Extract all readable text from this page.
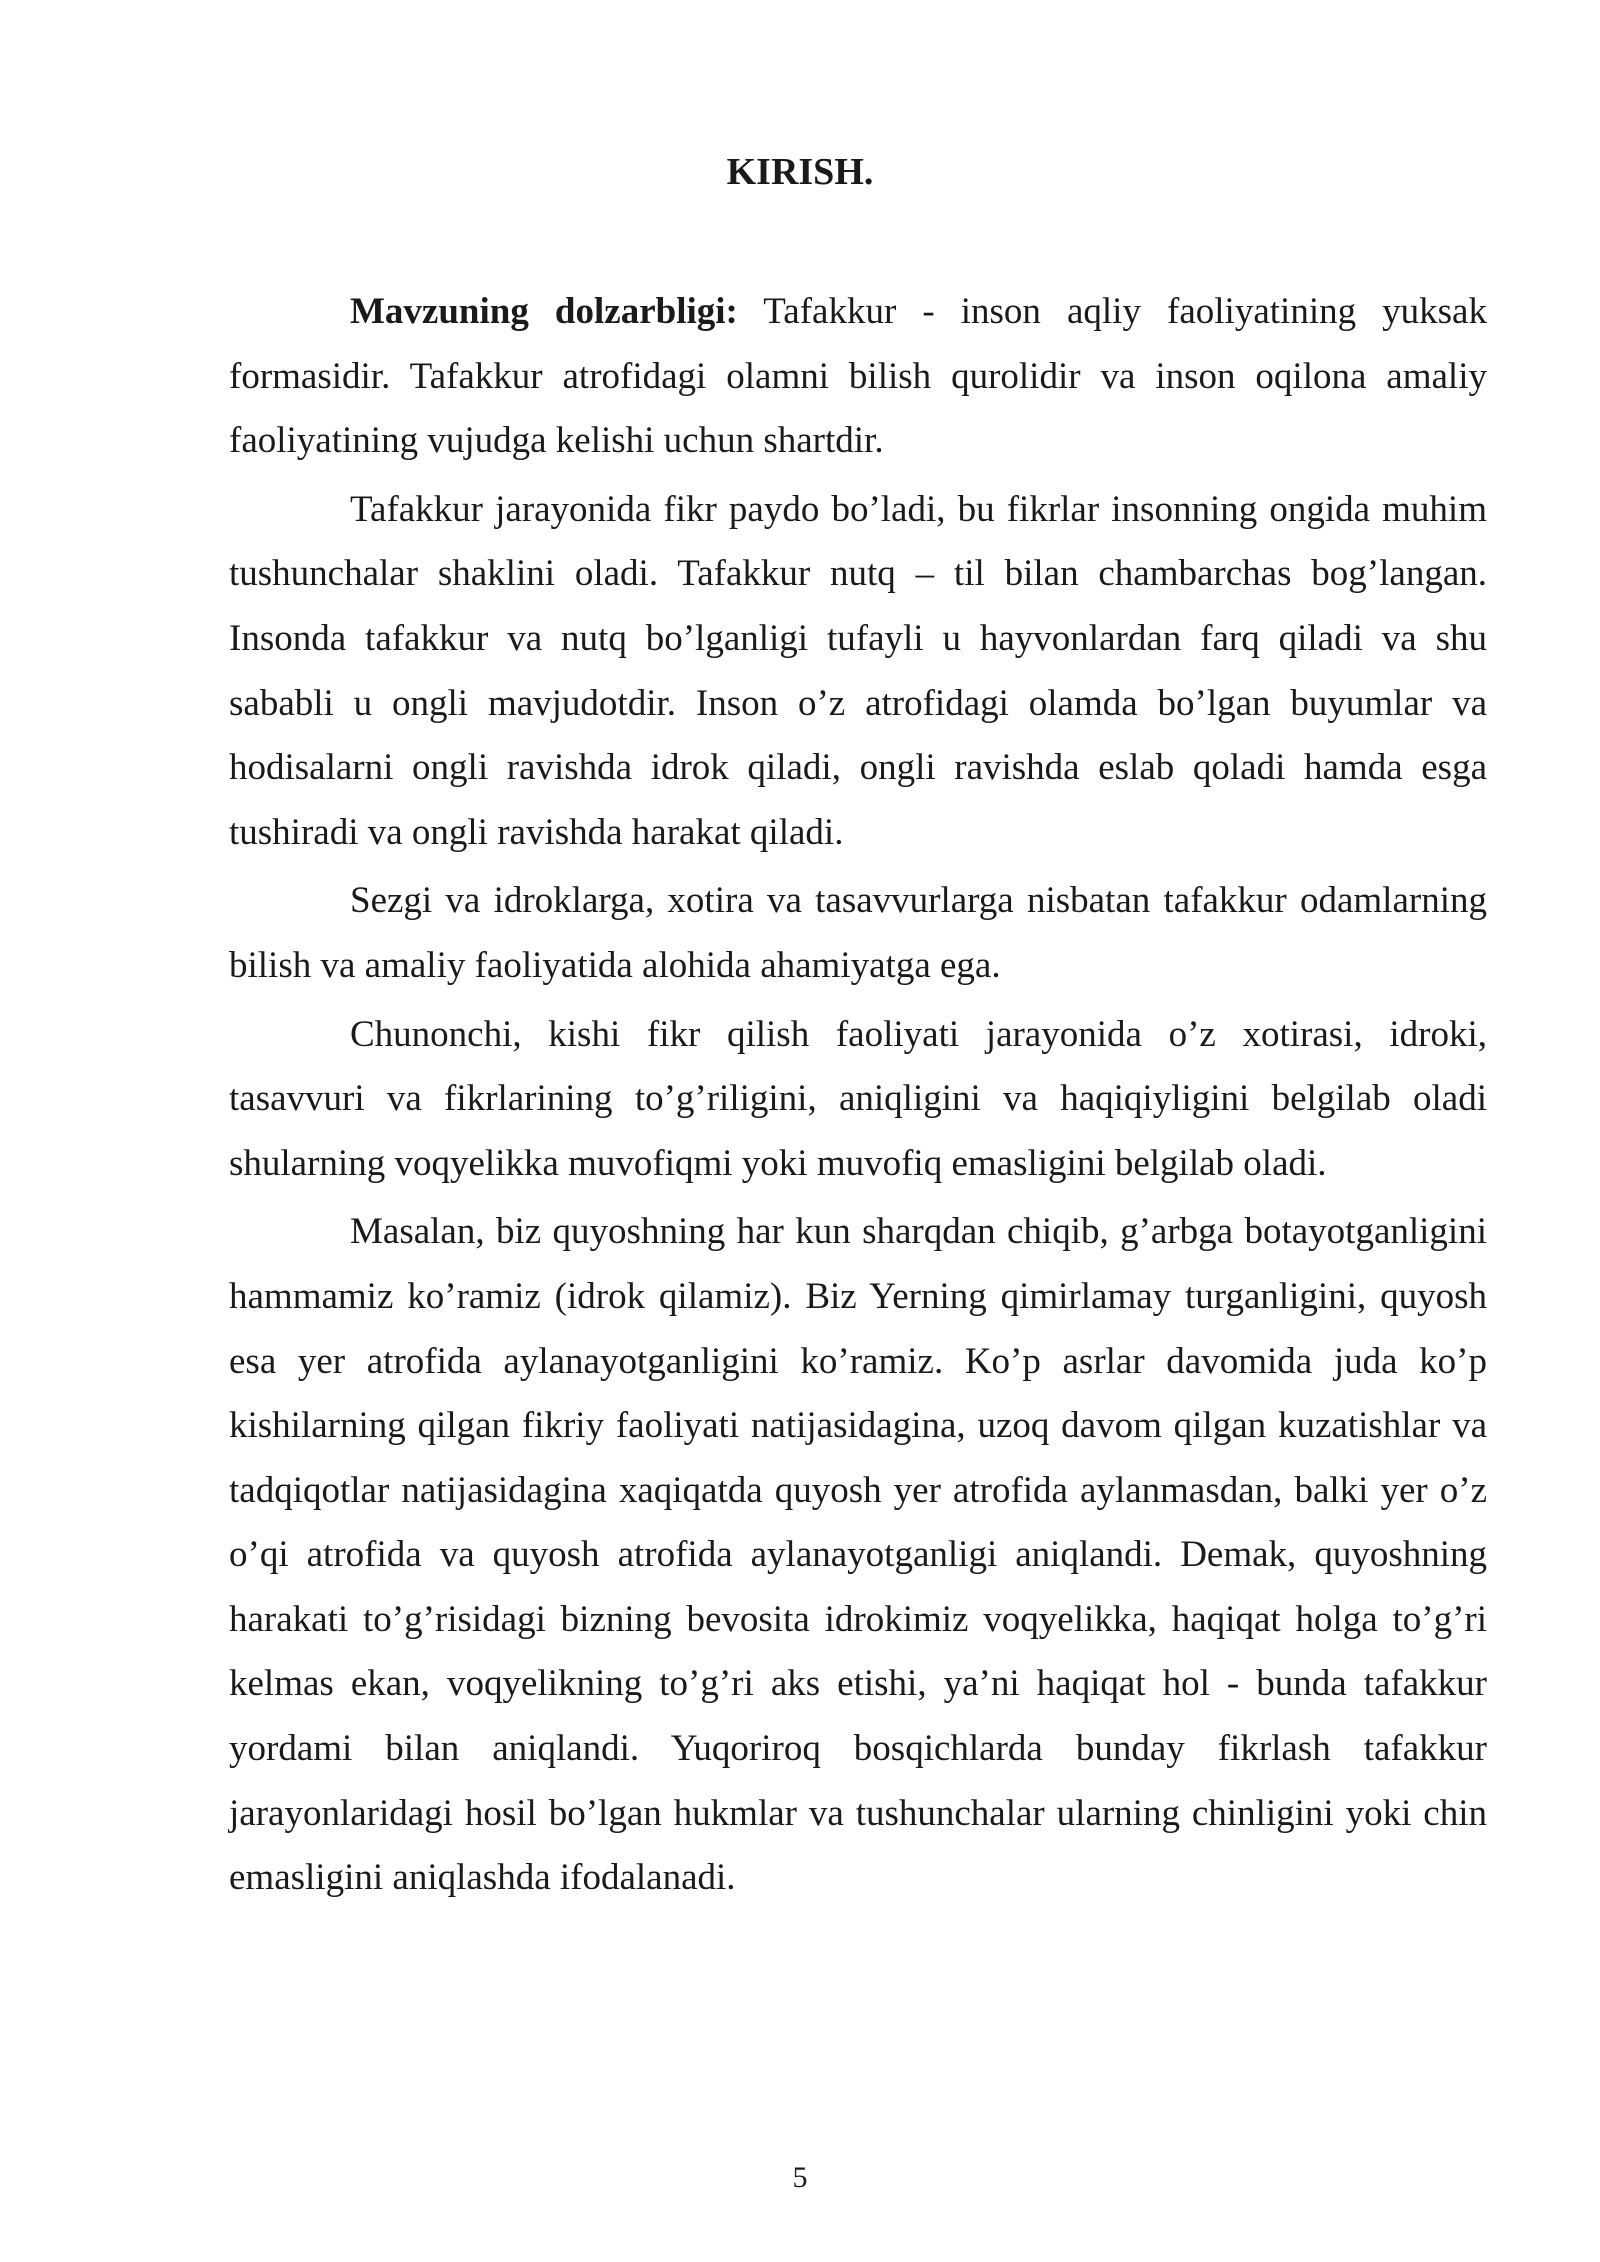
KIRISH.

Mavzuning dolzarbligi: Tafakkur - inson aqliy faoliyatining yuksak formasidir. Tafakkur atrofidagi olamni bilish qurolidir va inson oqilona amaliy faoliyatining vujudga kelishi uchun shartdir.

Tafakkur jarayonida fikr paydo bo’ladi, bu fikrlar insonning ongida muhim tushunchalar shaklini oladi. Tafakkur nutq – til bilan chambarchas bog’langan. Insonda tafakkur va nutq bo’lganligi tufayli u hayvonlardan farq qiladi va shu sababli u ongli mavjudotdir. Inson o’z atrofidagi olamda bo’lgan buyumlar va hodisalarni ongli ravishda idrok qiladi, ongli ravishda eslab qoladi hamda esga tushiradi va ongli ravishda harakat qiladi.

Sezgi va idroklarga, xotira va tasavvurlarga nisbatan tafakkur odamlarning bilish va amaliy faoliyatida alohida ahamiyatga ega.

Chunonchi, kishi fikr qilish faoliyati jarayonida o’z xotirasi, idroki, tasavvuri va fikrlarining to’g’riligini, aniqligini va haqiqiyligini belgilab oladi shularning voqyelikka muvofiqmi yoki muvofiq emasligini belgilab oladi.

Masalan, biz quyoshning har kun sharqdan chiqib, g’arbga botayotganligini hammamiz ko’ramiz (idrok qilamiz). Biz Yerning qimirlamay turganligini, quyosh esa yer atrofida aylanayotganligini ko’ramiz. Ko’p asrlar davomida juda ko’p kishilarning qilgan fikriy faoliyati natijasidagina, uzoq davom qilgan kuzatishlar va tadqiqotlar natijasidagina xaqiqatda quyosh yer atrofida aylanmasdan, balki yer o’z o’qi atrofida va quyosh atrofida aylanayotganligi aniqlandi. Demak, quyoshning harakati to’g’risidagi bizning bevosita idrokimiz voqyelikka, haqiqat holga to’g’ri kelmas ekan, voqyelikning to’g’ri aks etishi, ya’ni haqiqat hol - bunda tafakkur yordami bilan aniqlandi. Yuqoriroq bosqichlarda bunday fikrlash tafakkur jarayonlaridagi hosil bo’lgan hukmlar va tushunchalar ularning chinligini yoki chin emasligini aniqlashda ifodalanadi.

5
